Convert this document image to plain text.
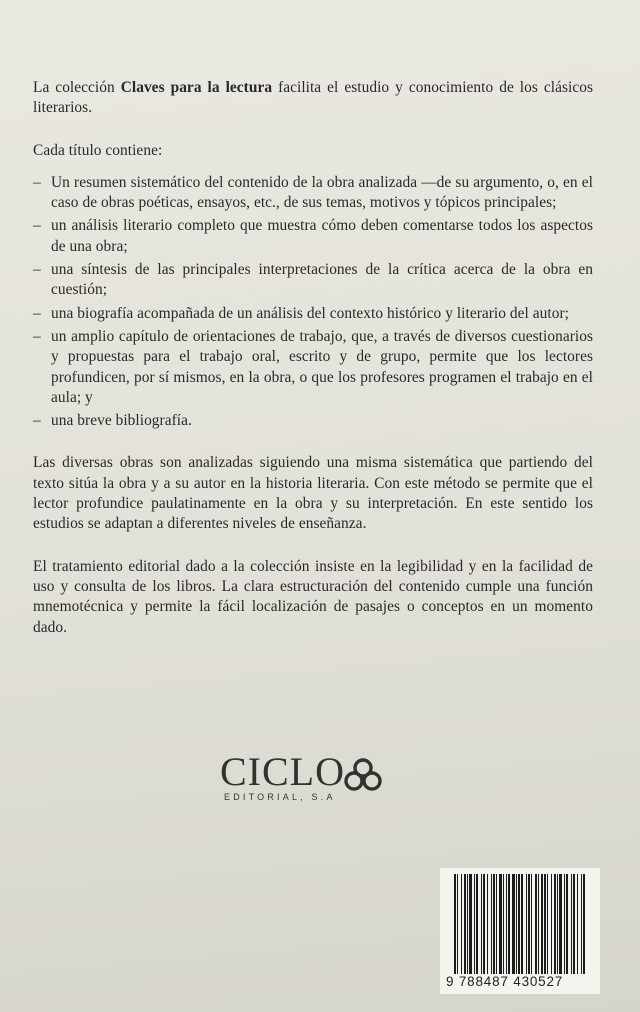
La colección Claves para la lectura facilita el estudio y conocimiento de los clásicos literarios.

Cada título contiene:

– Un resumen sistemático del contenido de la obra analizada —de su argumento, o, en el caso de obras poéticas, ensayos, etc., de sus temas, motivos y tópicos principales;
– un análisis literario completo que muestra cómo deben comentarse todos los aspectos de una obra;
– una síntesis de las principales interpretaciones de la crítica acerca de la obra en cuestión;
– una biografía acompañada de un análisis del contexto histórico y literario del autor;
– un amplio capítulo de orientaciones de trabajo, que, a través de diversos cuestionarios y propuestas para el trabajo oral, escrito y de grupo, permite que los lectores profundicen, por sí mismos, en la obra, o que los profesores programen el trabajo en el aula; y
– una breve bibliografía.

Las diversas obras son analizadas siguiendo una misma sistemática que partiendo del texto sitúa la obra y a su autor en la historia literaria. Con este método se permite que el lector profundice paulatinamente en la obra y su interpretación. En este sentido los estudios se adaptan a diferentes niveles de enseñanza.

El tratamiento editorial dado a la colección insiste en la legibilidad y en la facilidad de uso y consulta de los libros. La clara estructuración del contenido cumple una función mnemotécnica y permite la fácil localización de pasajes o conceptos en un momento dado.

CICLO
EDITORIAL, S.A
9 788487 430527
